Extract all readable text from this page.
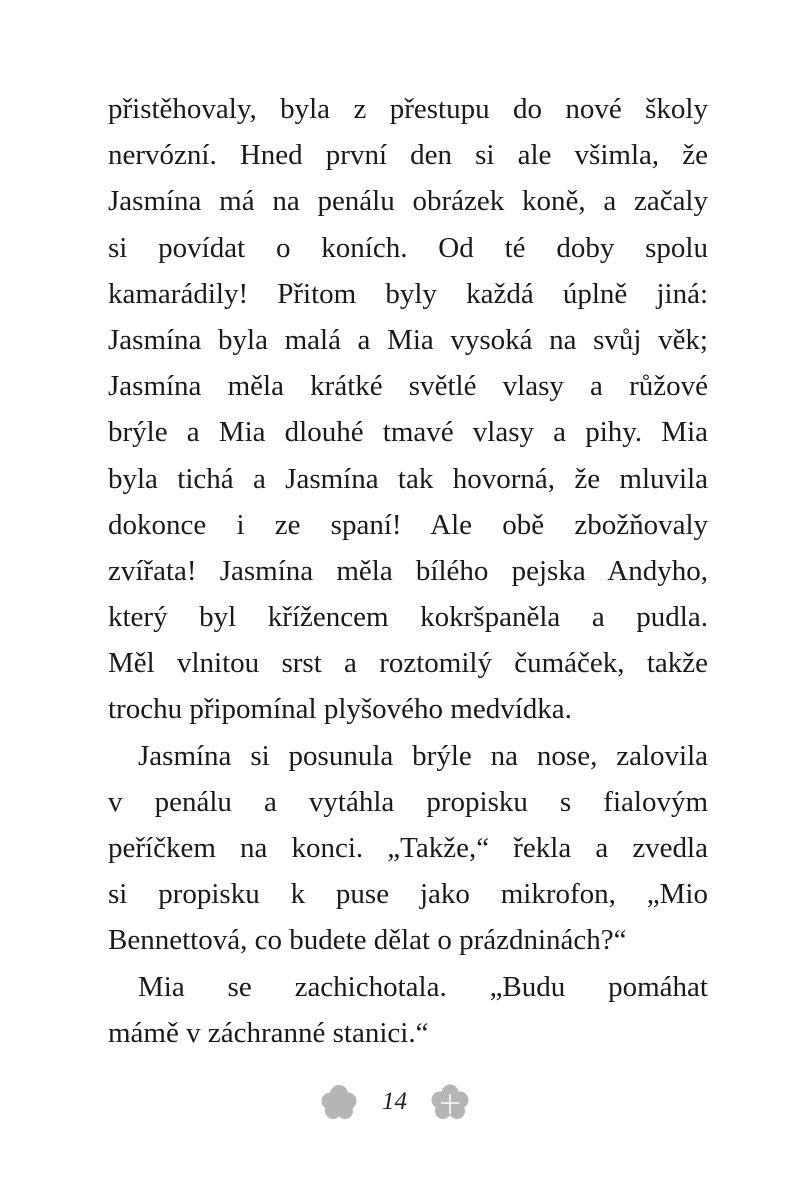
přistěhovaly, byla z přestupu do nové školy
nervózní. Hned první den si ale všimla, že
Jasmína má na penálu obrázek koně, a začaly
si povídat o koních. Od té doby spolu
kamarádily! Přitom byly každá úplně jiná:
Jasmína byla malá a Mia vysoká na svůj věk;
Jasmína měla krátké světlé vlasy a růžové
brýle a Mia dlouhé tmavé vlasy a pihy. Mia
byla tichá a Jasmína tak hovorná, že mluvila
dokonce i ze spaní! Ale obě zbožňovaly
zvířata! Jasmína měla bílého pejska Andyho,
který byl křížencem kokršpaněla a pudla.
Měl vlnitou srst a roztomilý čumáček, takže
trochu připomínal plyšového medvídka.

Jasmína si posunula brýle na nose, zalovila
v penálu a vytáhla propisku s fialovým
peříčkem na konci. „Takže,“ řekla a zvedla
si propisku k puse jako mikrofon, „Mio
Bennettová, co budete dělat o prázdninách?“

Mia se zachichotala. „Budu pomáhat
mámě v záchranné stanici.“

14
